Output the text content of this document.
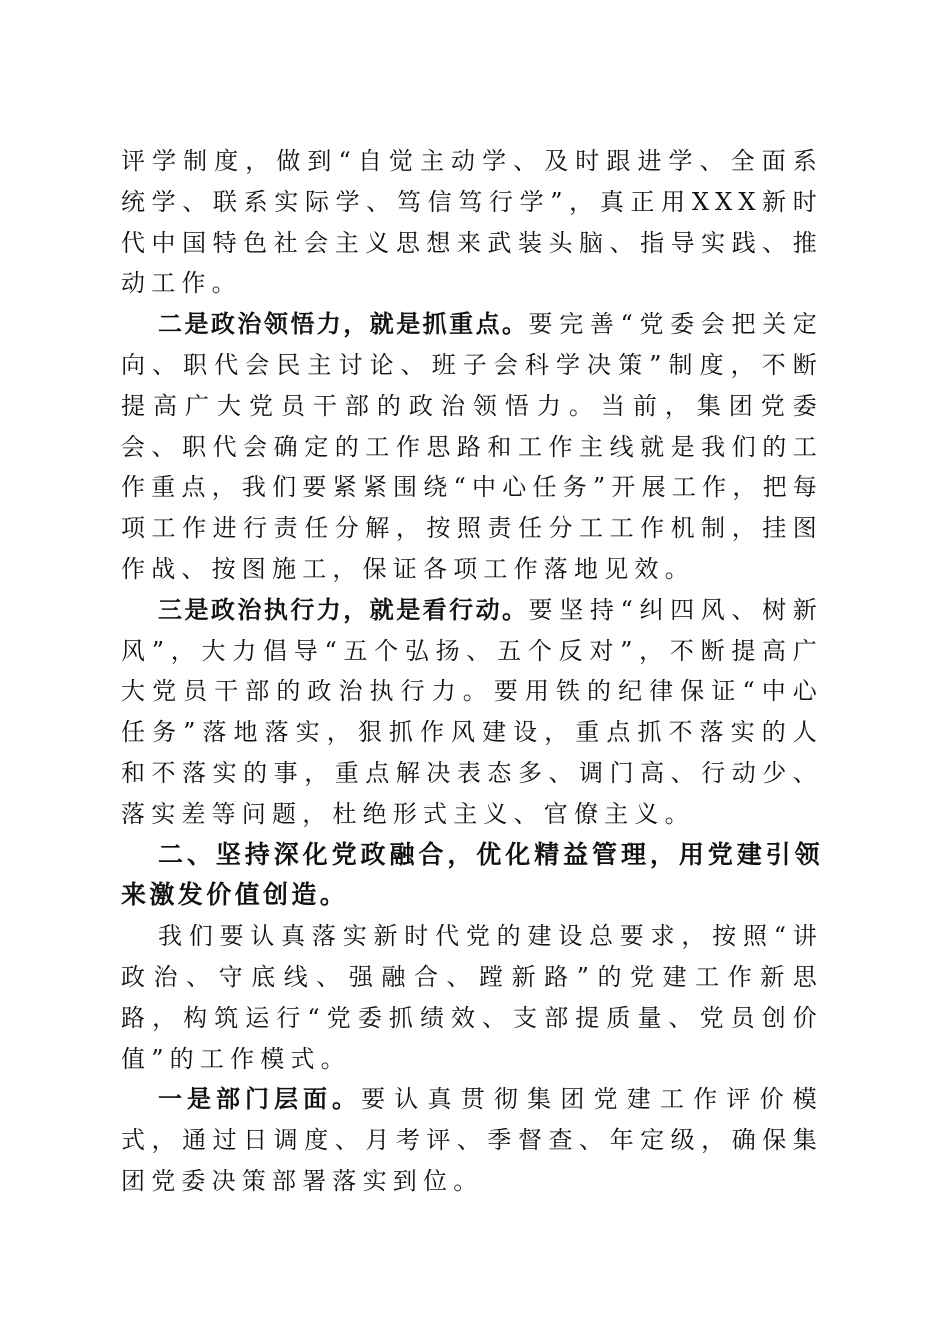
评学制度，做到“自觉主动学、及时跟进学、全面系统学、联系实际学、笃信笃行学”，真正用XXX新时代中国特色社会主义思想来武装头脑、指导实践、推动工作。

二是政治领悟力，就是抓重点。要完善“党委会把关定向、职代会民主讨论、班子会科学决策”制度，不断提高广大党员干部的政治领悟力。当前，集团党委会、职代会确定的工作思路和工作主线就是我们的工作重点，我们要紧紧围绕“中心任务”开展工作，把每项工作进行责任分解，按照责任分工工作机制，挂图作战、按图施工，保证各项工作落地见效。

三是政治执行力，就是看行动。要坚持“纠四风、树新风”，大力倡导“五个弘扬、五个反对”，不断提高广大党员干部的政治执行力。要用铁的纪律保证“中心任务”落地落实，狠抓作风建设，重点抓不落实的人和不落实的事，重点解决表态多、调门高、行动少、落实差等问题，杜绝形式主义、官僚主义。

二、坚持深化党政融合，优化精益管理，用党建引领来激发价值创造。

我们要认真落实新时代党的建设总要求，按照“讲政治、守底线、强融合、蹚新路”的党建工作新思路，构筑运行“党委抓绩效、支部提质量、党员创价值”的工作模式。

一是部门层面。要认真贯彻集团党建工作评价模式，通过日调度、月考评、季督查、年定级，确保集团党委决策部署落实到位。
